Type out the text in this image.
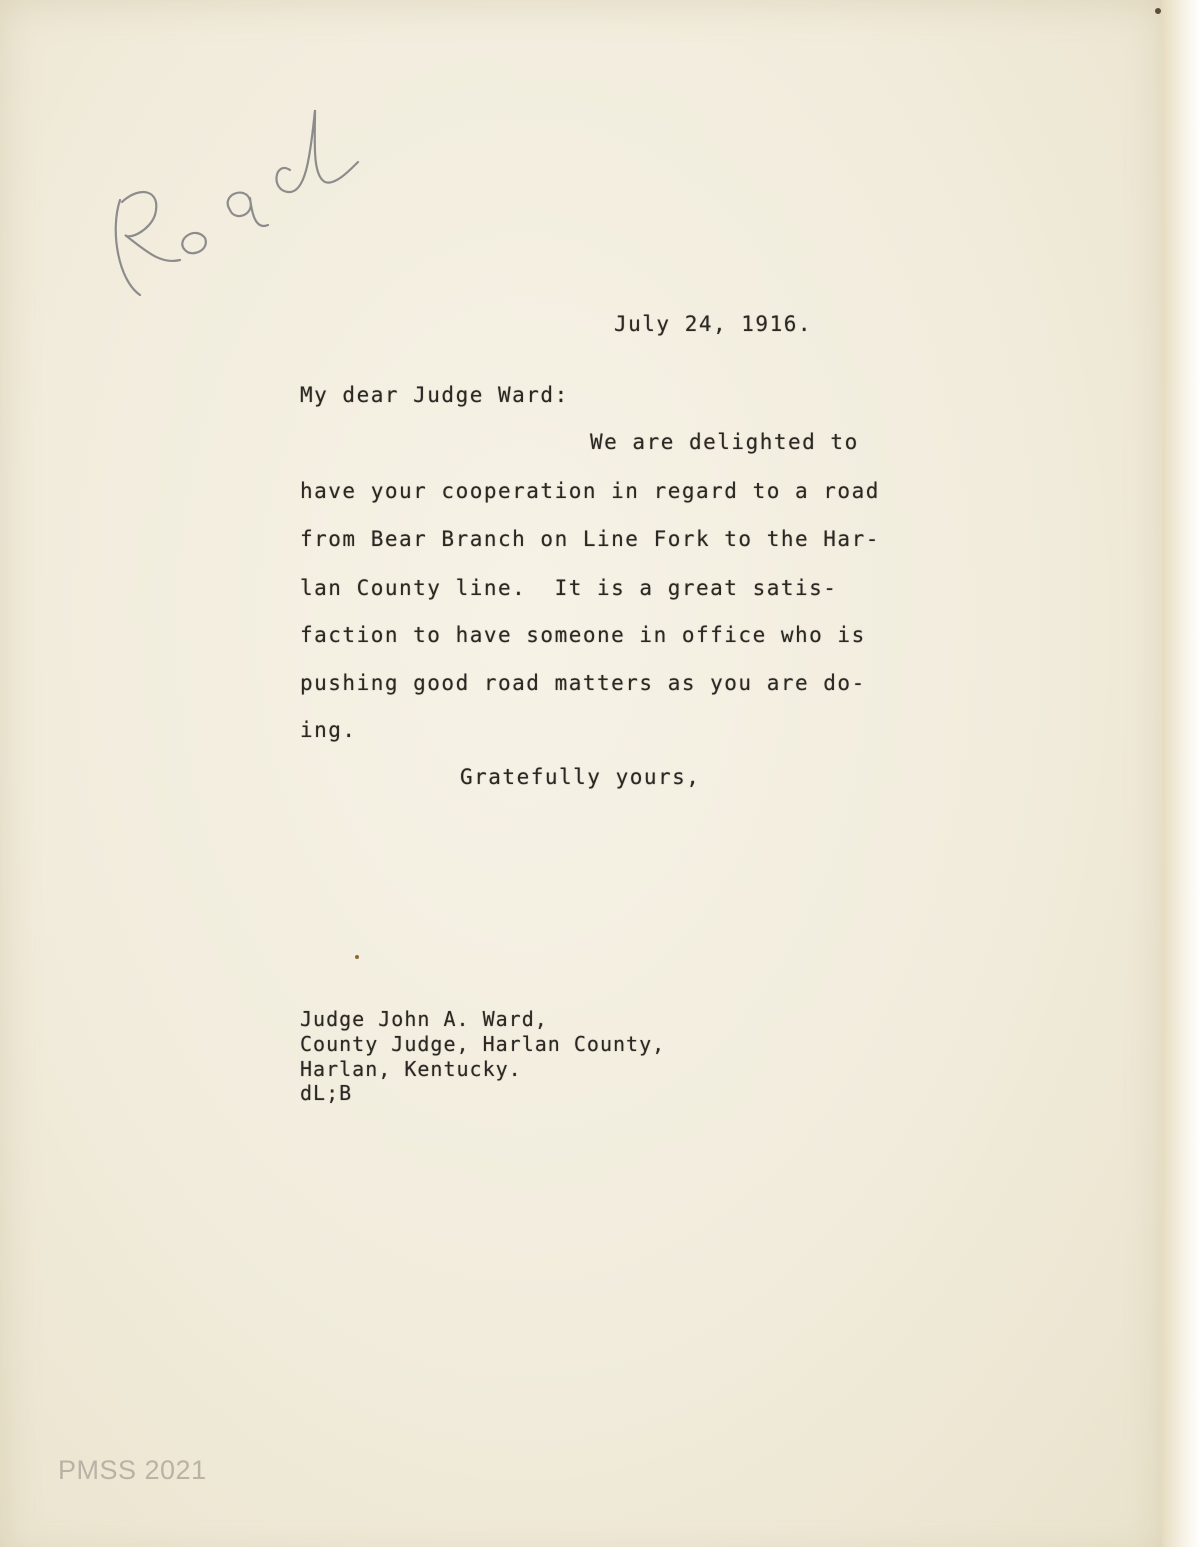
July 24, 1916.
My dear Judge Ward:
We are delighted to
have your cooperation in regard to a road
from Bear Branch on Line Fork to the Har-
lan County line.  It is a great satis-
faction to have someone in office who is
pushing good road matters as you are do-
ing.
Gratefully yours,
Judge John A. Ward,
County Judge, Harlan County,
Harlan, Kentucky.
dL;B
PMSS 2021
